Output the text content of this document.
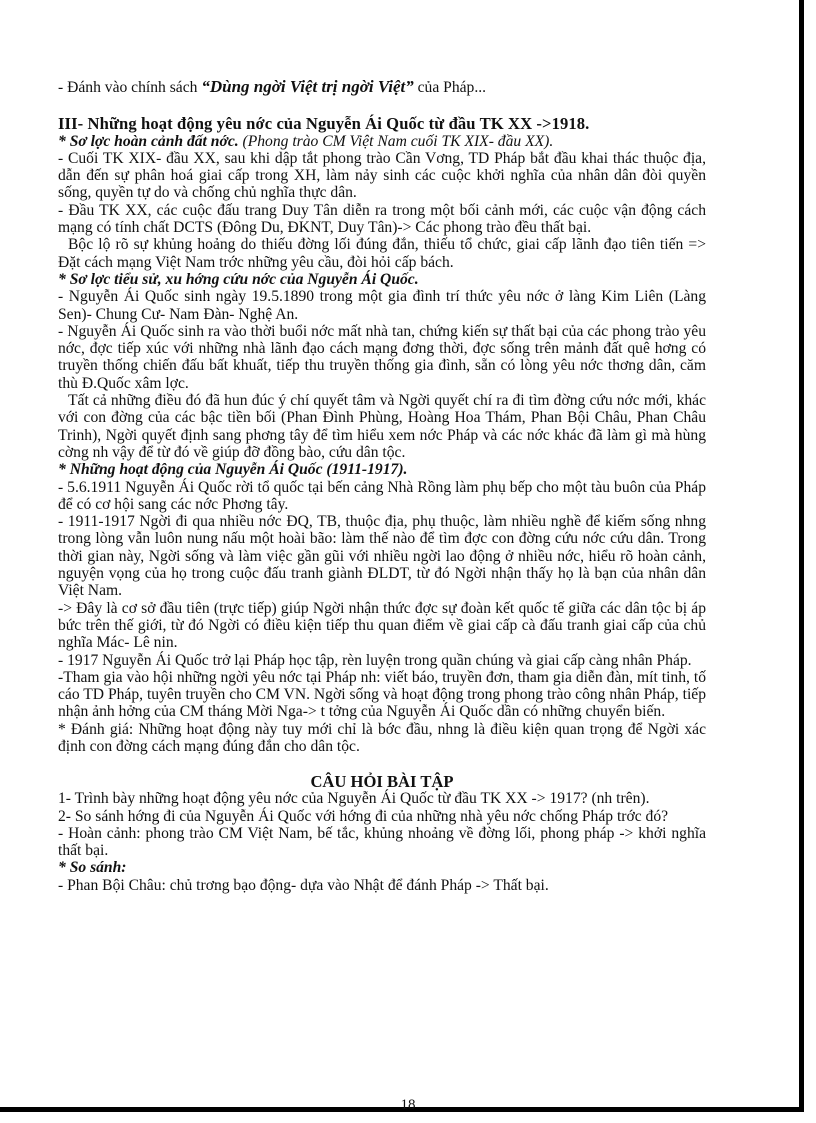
- Đánh vào chính sách “Dùng ngời Việt trị ngời Việt” của Pháp...

III- Những hoạt động yêu nớc của Nguyễn Ái Quốc từ đầu TK XX ->1918.

* Sơ lợc hoàn cảnh đất nớc. (Phong trào CM Việt Nam cuối TK XIX- đầu XX).

- Cuối TK XIX- đầu XX, sau khi dập tắt phong trào Cần Vơng, TD Pháp bắt đầu khai thác thuộc địa, dẫn đến sự phân hoá giai cấp trong XH, làm nảy sinh các cuộc khởi nghĩa của nhân dân đòi quyền sống, quyền tự do và chống chủ nghĩa thực dân.

- Đầu TK XX, các cuộc đấu trang Duy Tân diễn ra trong một bối cảnh mới, các cuộc vận động cách mạng có tính chất DCTS (Đông Du, ĐKNT, Duy Tân)-> Các phong trào đều thất bại.

Bộc lộ rõ sự khủng hoảng do thiếu đờng lối đúng đắn, thiếu tổ chức, giai cấp lãnh đạo tiên tiến => Đặt cách mạng Việt Nam trớc những yêu cầu, đòi hỏi cấp bách.

* Sơ lợc tiểu sử, xu hớng cứu nớc của Nguyễn Ái Quốc.

- Nguyễn Ái Quốc sinh ngày 19.5.1890 trong một gia đình trí thức yêu nớc ở làng Kim Liên (Làng Sen)- Chung Cư- Nam Đàn- Nghệ An.

- Nguyễn Ái Quốc sinh ra vào thời buổi nớc mất nhà tan, chứng kiến sự thất bại của các phong trào yêu nớc, đợc tiếp xúc với những nhà lãnh đạo cách mạng đơng thời, đợc sống trên mảnh đất quê hơng có truyền thống chiến đấu bất khuất, tiếp thu truyền thống gia đình, sẵn có lòng yêu nớc thơng dân, căm thù Đ.Quốc xâm lợc.

Tất cả những điều đó đã hun đúc ý chí quyết tâm và Ngời quyết chí ra đi tìm đờng cứu nớc mới, khác với con đờng của các bậc tiền bối (Phan Đình Phùng, Hoàng Hoa Thám, Phan Bội Châu, Phan Châu Trinh), Ngời quyết định sang phơng tây để tìm hiểu xem nớc Pháp và các nớc khác đã làm gì mà hùng cờng nh vậy để từ đó về giúp đỡ đồng bào, cứu dân tộc.

* Những hoạt động của Nguyễn Ái Quốc (1911-1917).

- 5.6.1911 Nguyễn Ái Quốc rời tổ quốc tại bến cảng Nhà Rồng làm phụ bếp cho một tàu buôn của Pháp để có cơ hội sang các nớc Phơng tây.

- 1911-1917 Ngời đi qua nhiều nớc ĐQ, TB, thuộc địa, phụ thuộc, làm nhiều nghề để kiếm sống nhng trong lòng vẫn luôn nung nấu một hoài bão: làm thế nào để tìm đợc con đờng cứu nớc cứu dân. Trong thời gian này, Ngời sống và làm việc gần gũi với nhiều ngời lao động ở nhiều nớc, hiểu rõ hoàn cảnh, nguyện vọng của họ trong cuộc đấu tranh giành ĐLDT, từ đó Ngời nhận thấy họ là bạn của nhân dân Việt Nam.

-> Đây là cơ sở đầu tiên (trực tiếp) giúp Ngời nhận thức đợc sự đoàn kết quốc tế giữa các dân tộc bị áp bức trên thế giới, từ đó Ngời có điều kiện tiếp thu quan điểm về giai cấp cà đấu tranh giai cấp của chủ nghĩa Mác- Lê nin.

- 1917 Nguyễn Ái Quốc trở lại Pháp học tập, rèn luyện trong quần chúng và giai cấp càng nhân Pháp.

-Tham gia vào hội những ngời yêu nớc tại Pháp nh: viết báo, truyền đơn, tham gia diễn đàn, mít tinh, tố cáo TD Pháp, tuyên truyền cho CM VN. Ngời sống và hoạt động trong phong trào công nhân Pháp, tiếp nhận ảnh hởng của CM tháng Mời Nga-> t tởng của Nguyễn Ái Quốc dần có những chuyển biến.

* Đánh giá: Những hoạt động này tuy mới chỉ là bớc đầu, nhng là điều kiện quan trọng để Ngời xác định con đờng cách mạng đúng đắn cho dân tộc.

CÂU HỎI BÀI TẬP

1- Trình bày những hoạt động yêu nớc của Nguyễn Ái Quốc từ đầu TK XX -> 1917? (nh trên).

2- So sánh hớng đi của Nguyễn Ái Quốc với hớng đi của những nhà yêu nớc chống Pháp trớc đó?

- Hoàn cảnh: phong trào CM Việt Nam, bế tắc, khủng nhoảng về đờng lối, phong pháp -> khởi nghĩa thất bại.

* So sánh:

- Phan Bội Châu: chủ trơng bạo động- dựa vào Nhật để đánh Pháp -> Thất bại.

18
